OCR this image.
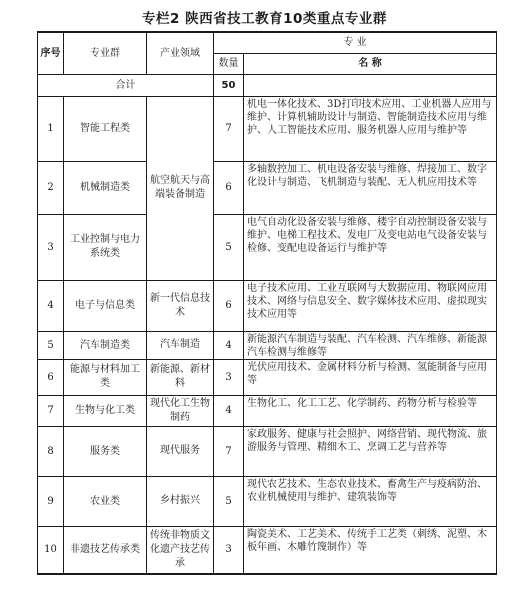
专栏2 陕西省技工教育10类重点专业群
序号	专业群	产业领域	专 业	
			数量	名 称
合计			50	
1	智能工程类	航空航天与高端装备制造	7	机电一体化技术、3D打印技术应用、工业机器人应用与维护、计算机辅助设计与制造、智能制造技术应用与维护、人工智能技术应用、服务机器人应用与维护等
2	机械制造类		6	多轴数控加工、机电设备安装与维修、焊接加工、数字化设计与制造、飞机制造与装配、无人机应用技术等
3	工业控制与电力系统类		5	电气自动化设备安装与维修、楼宇自动控制设备安装与维护、电梯工程技术、发电厂及变电站电气设备安装与检修、变配电设备运行与维护等
4	电子与信息类	新一代信息技术	6	电子技术应用、工业互联网与大数据应用、物联网应用技术、网络与信息安全、数字媒体技术应用、虚拟现实技术应用等
5	汽车制造类	汽车制造	4	新能源汽车制造与装配、汽车检测、汽车维修、新能源汽车检测与维修等
6	能源与材料加工类	新能源、新材料	3	光伏应用技术、金属材料分析与检测、氢能制备与应用等
7	生物与化工类	现代化工生物制药	4	生物化工、化工工艺、化学制药、药物分析与检验等
8	服务类	现代服务	7	家政服务、健康与社会照护、网络营销、现代物流、旅游服务与管理、精细木工、烹调工艺与营养等
9	农业类	乡村振兴	5	现代农艺技术、生态农业技术、畜禽生产与疫病防治、农业机械使用与维护、建筑装饰等
10	非遗技艺传承类	传统非物质文化遗产技艺传承	3	陶瓷美术、工艺美术、传统手工艺类（刺绣、泥塑、木板年画、木雕竹篾制作）等
